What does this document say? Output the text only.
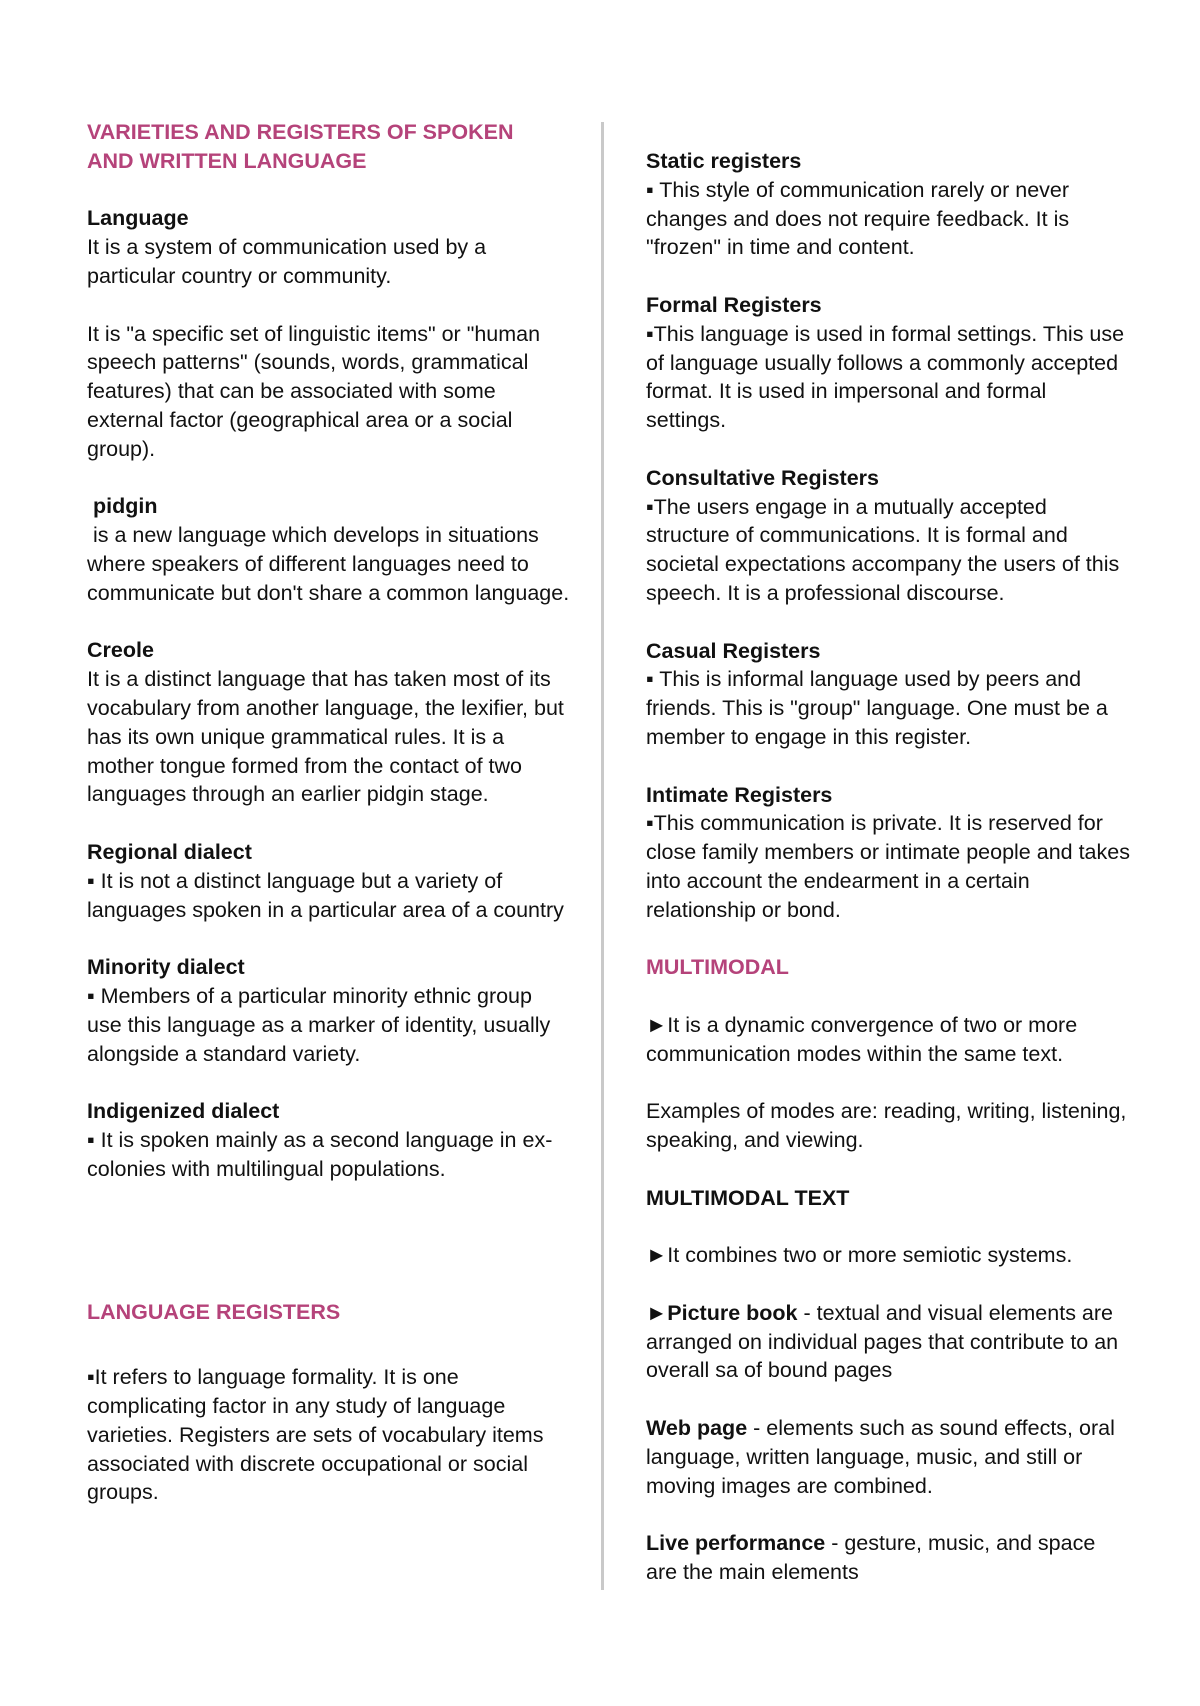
VARIETIES AND REGISTERS OF SPOKEN AND WRITTEN LANGUAGE

Language

It is a system of communication used by a particular country or community.

It is "a specific set of linguistic items" or "human speech patterns" (sounds, words, grammatical features) that can be associated with some external factor (geographical area or a social group).

pidgin

is a new language which develops in situations where speakers of different languages need to communicate but don't share a common language.

Creole

It is a distinct language that has taken most of its vocabulary from another language, the lexifier, but has its own unique grammatical rules. It is a mother tongue formed from the contact of two languages through an earlier pidgin stage.

Regional dialect

▪ It is not a distinct language but a variety of languages spoken in a particular area of a country

Minority dialect

▪ Members of a particular minority ethnic group use this language as a marker of identity, usually alongside a standard variety.

Indigenized dialect

▪ It is spoken mainly as a second language in ex-colonies with multilingual populations.

LANGUAGE REGISTERS

▪It refers to language formality. It is one complicating factor in any study of language varieties. Registers are sets of vocabulary items associated with discrete occupational or social groups.

Static registers

▪ This style of communication rarely or never changes and does not require feedback. It is "frozen" in time and content.

Formal Registers

▪This language is used in formal settings. This use of language usually follows a commonly accepted format. It is used in impersonal and formal settings.

Consultative Registers

▪The users engage in a mutually accepted structure of communications. It is formal and societal expectations accompany the users of this speech. It is a professional discourse.

Casual Registers

▪ This is informal language used by peers and friends. This is "group" language. One must be a member to engage in this register.

Intimate Registers

▪This communication is private. It is reserved for close family members or intimate people and takes into account the endearment in a certain relationship or bond.

MULTIMODAL

►It is a dynamic convergence of two or more communication modes within the same text.

Examples of modes are: reading, writing, listening, speaking, and viewing.

MULTIMODAL TEXT

►It combines two or more semiotic systems.

►Picture book - textual and visual elements are arranged on individual pages that contribute to an overall sa of bound pages

Web page - elements such as sound effects, oral language, written language, music, and still or moving images are combined.

Live performance - gesture, music, and space are the main elements
